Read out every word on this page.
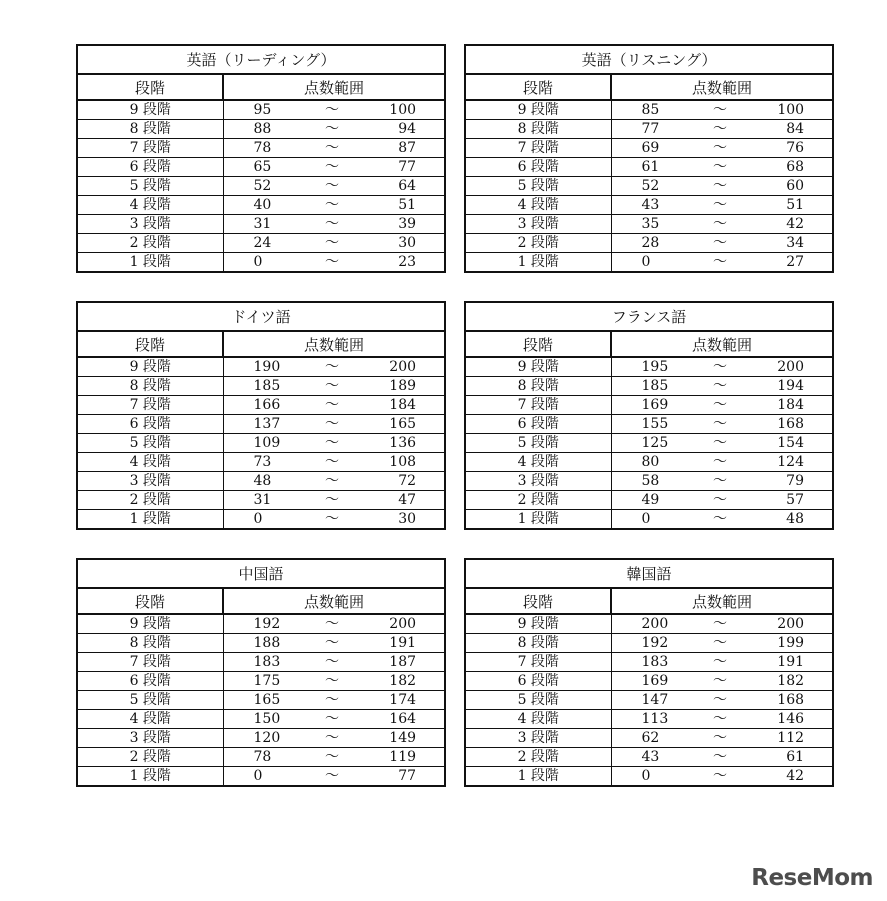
英語（リーディング）			
段階	点数範囲		
9 段階	95	～	100
8 段階	88	～	94
7 段階	78	～	87
6 段階	65	～	77
5 段階	52	～	64
4 段階	40	～	51
3 段階	31	～	39
2 段階	24	～	30
1 段階	0	～	23
英語（リスニング）			
段階	点数範囲		
9 段階	85	～	100
8 段階	77	～	84
7 段階	69	～	76
6 段階	61	～	68
5 段階	52	～	60
4 段階	43	～	51
3 段階	35	～	42
2 段階	28	～	34
1 段階	0	～	27
ドイツ語			
段階	点数範囲		
9 段階	190	～	200
8 段階	185	～	189
7 段階	166	～	184
6 段階	137	～	165
5 段階	109	～	136
4 段階	73	～	108
3 段階	48	～	72
2 段階	31	～	47
1 段階	0	～	30
フランス語			
段階	点数範囲		
9 段階	195	～	200
8 段階	185	～	194
7 段階	169	～	184
6 段階	155	～	168
5 段階	125	～	154
4 段階	80	～	124
3 段階	58	～	79
2 段階	49	～	57
1 段階	0	～	48
中国語			
段階	点数範囲		
9 段階	192	～	200
8 段階	188	～	191
7 段階	183	～	187
6 段階	175	～	182
5 段階	165	～	174
4 段階	150	～	164
3 段階	120	～	149
2 段階	78	～	119
1 段階	0	～	77
韓国語			
段階	点数範囲		
9 段階	200	～	200
8 段階	192	～	199
7 段階	183	～	191
6 段階	169	～	182
5 段階	147	～	168
4 段階	113	～	146
3 段階	62	～	112
2 段階	43	～	61
1 段階	0	～	42
ReseMom
